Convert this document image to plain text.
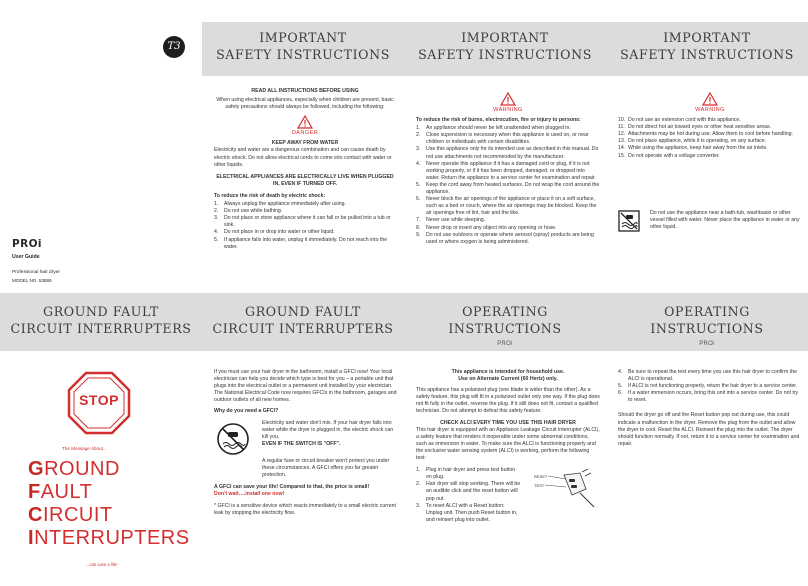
T3
PROi
User Guide
Professional hair dryer
MODEL NO. 53886
IMPORTANT
SAFETY INSTRUCTIONS

READ ALL INSTRUCTIONS BEFORE USING

When using electrical appliances, especially when children are present, basic safety precautions should always be followed, including the following:

DANGER

KEEP AWAY FROM WATER

Electricity and water are a dangerous combination and can cause death by electric shock. Do not allow electrical cords to come into contact with water or other liquids.

ELECTRICAL APPLIANCES ARE ELECTRICALLY LIVE WHEN PLUGGED IN, EVEN IF TURNED OFF.

To reduce the risk of death by electric shock:

1. Always unplug the appliance immediately after using.
2. Do not use while bathing.
3. Do not place or store appliance where it can fall or be pulled into a tub or sink.
4. Do not place in or drop into water or other liquid.
5. If appliance falls into water, unplug it immediately. Do not reach into the water.
IMPORTANT
SAFETY INSTRUCTIONS
WARNING

To reduce the risk of burns, electrocution, fire or injury to persons:

1. An appliance should never be left unattended when plugged in.
2. Close supervision is necessary when this appliance is used on, or near children or individuals with certain disabilities.
3. Use this appliance only for its intended use as described in this manual. Do not use attachments not recommended by the manufacturer.
4. Never operate this appliance if it has a damaged cord or plug, if it is not working properly, or if it has been dropped, damaged, or dropped into water. Return the appliance to a service center for examination and repair.
5. Keep the cord away from heated surfaces. Do not wrap the cord around the appliance.
6. Never block the air openings of the appliance or place it on a soft surface, such as a bed or couch, where the air openings may be blocked. Keep the air openings free of lint, hair and the like.
7. Never use while sleeping.
8. Never drop or insert any object into any opening or hose.
9. Do not use outdoors or operate where aerosol (spray) products are being used or where oxygen is being administered.
IMPORTANT
SAFETY INSTRUCTIONS
WARNING
10. Do not use an extension cord with this appliance.
11. Do not direct hot air toward eyes or other heat sensitive areas.
12. Attachments may be hot during use. Allow them to cool before handling.
13. Do not place appliance, while it is operating, on any surface.
14. While using the appliance, keep hair away from the air inlets.
15. Do not operate with a voltage converter.

Do not use the appliance near a bath-tub, washbasin or other vessel filled with water. Never place the appliance in water or any other liquid.

GROUND FAULT
CIRCUIT INTERRUPTERS
STOP
The Message About...
GROUND
FAULT
CIRCUIT
INTERRUPTERS
...can save a life!
GROUND FAULT
CIRCUIT INTERRUPTERS

If you must use your hair dryer in the bathroom, install a GFCI now! Your local electrician can help you decide which type is best for you – a portable unit that plugs into the electrical outlet or a permanent unit installed by your electrician. The National Electrical Code now requires GFCIs in the bathroom, garages and outdoor outlets of all new homes.

Why do you need a GFCI?

Electricity and water don't mix. If your hair dryer falls into water while the dryer is plugged in, the electric shock can kill you,

EVEN IF THE SWITCH IS "OFF".

A regular fuse or circuit breaker won't protect you under these circumstances. A GFCI offers you far greater protection.

A GFCI can save your life! Compared to that, the price is small!

Don't wait….install one now!

* GFCI is a sensitive device which reacts immediately to a small electric current leak by stopping the electricity flow.

OPERATING
INSTRUCTIONS
PROi

This appliance is intended for household use.

Use on Alternate Current (60 Hertz) only.

This appliance has a polarized plug (one blade is wider than the other). As a safety feature, this plug will fit in a polarized outlet only one way. If the plug does not fit fully in the outlet, reverse the plug. If it still does not fit, contact a qualified technician. Do not attempt to defeat this safety feature.

CHECK ALCI EVERY TIME YOU USE THIS HAIR DRYER

This hair dryer is equipped with an Appliance Leakage Circuit Interrupter (ALCI), a safety feature that renders it inoperable under some abnormal conditions, such as immersion in water. To make sure the ALCI is functioning properly and the exclusive water sensing system (ALCI) is working, perform the following test:

1. Plug in hair dryer and press test button on plug.
2. Hair dryer will stop working. There will be an audible click and the reset button will pop out.
3. To reset ALCI with a Reset button: Unplug unit. Then push Reset button in, and reinsert plug into outlet.
RESET
TEST
OPERATING
INSTRUCTIONS
PROi
4. Be sure to repeat the test every time you use this hair dryer to confirm the ALCI is operational.
5. If ALCI is not functioning properly, return the hair dryer to a service center.
6. If a water immersion occurs, bring this unit into a service center. Do not try to reset.

Should the dryer go off and the Reset button pop out during use, this could indicate a malfunction in the dryer. Remove the plug from the outlet and allow the dryer to cool. Reset the ALCI. Reinsert the plug into the outlet. The dryer should function normally. If not, return it to a service center for examination and repair.
